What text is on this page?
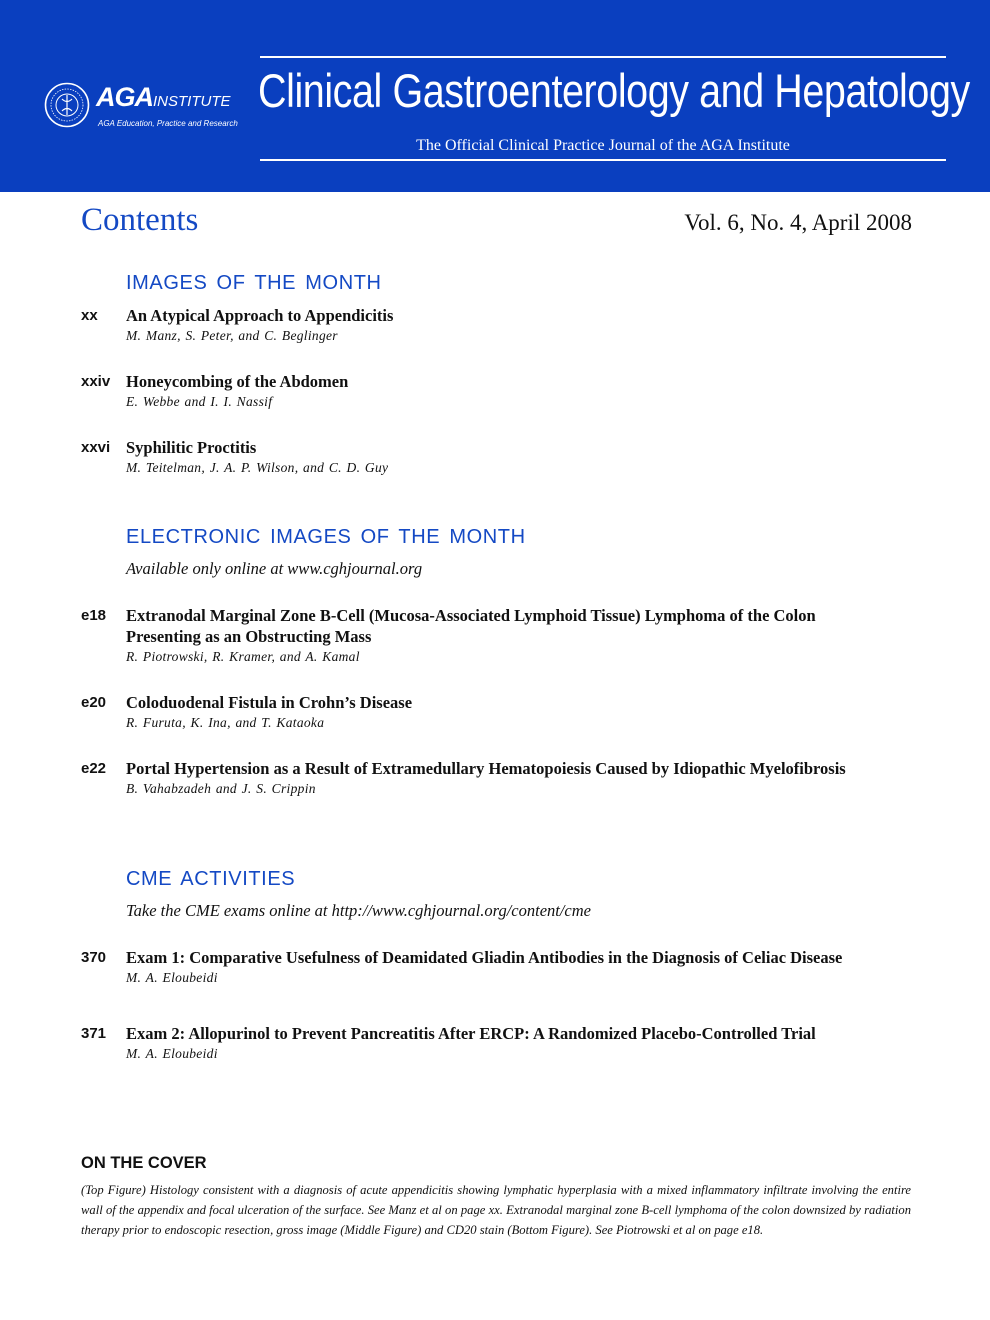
AGAINSTITUTE
AGA Education, Practice and Research
Clinical Gastroenterology and Hepatology
The Official Clinical Practice Journal of the AGA Institute
Contents	Vol. 6, No. 4, April 2008
IMAGES OF THE MONTH
xx An Atypical Approach to Appendicitis
M. Manz, S. Peter, and C. Beglinger
xxiv Honeycombing of the Abdomen
E. Webbe and I. I. Nassif
xxvi Syphilitic Proctitis
M. Teitelman, J. A. P. Wilson, and C. D. Guy
ELECTRONIC IMAGES OF THE MONTH
Available only online at www.cghjournal.org
e18 Extranodal Marginal Zone B-Cell (Mucosa-Associated Lymphoid Tissue) Lymphoma of the Colon Presenting as an Obstructing Mass
R. Piotrowski, R. Kramer, and A. Kamal
e20 Coloduodenal Fistula in Crohn’s Disease
R. Furuta, K. Ina, and T. Kataoka
e22 Portal Hypertension as a Result of Extramedullary Hematopoiesis Caused by Idiopathic Myelofibrosis
B. Vahabzadeh and J. S. Crippin
CME ACTIVITIES
Take the CME exams online at http://www.cghjournal.org/content/cme
370 Exam 1: Comparative Usefulness of Deamidated Gliadin Antibodies in the Diagnosis of Celiac Disease
M. A. Eloubeidi
371 Exam 2: Allopurinol to Prevent Pancreatitis After ERCP: A Randomized Placebo-Controlled Trial
M. A. Eloubeidi
ON THE COVER
(Top Figure) Histology consistent with a diagnosis of acute appendicitis showing lymphatic hyperplasia with a mixed inflammatory infiltrate involving the entire wall of the appendix and focal ulceration of the surface. See Manz et al on page xx. Extranodal marginal zone B-cell lymphoma of the colon downsized by radiation therapy prior to endoscopic resection, gross image (Middle Figure) and CD20 stain (Bottom Figure). See Piotrowski et al on page e18.
